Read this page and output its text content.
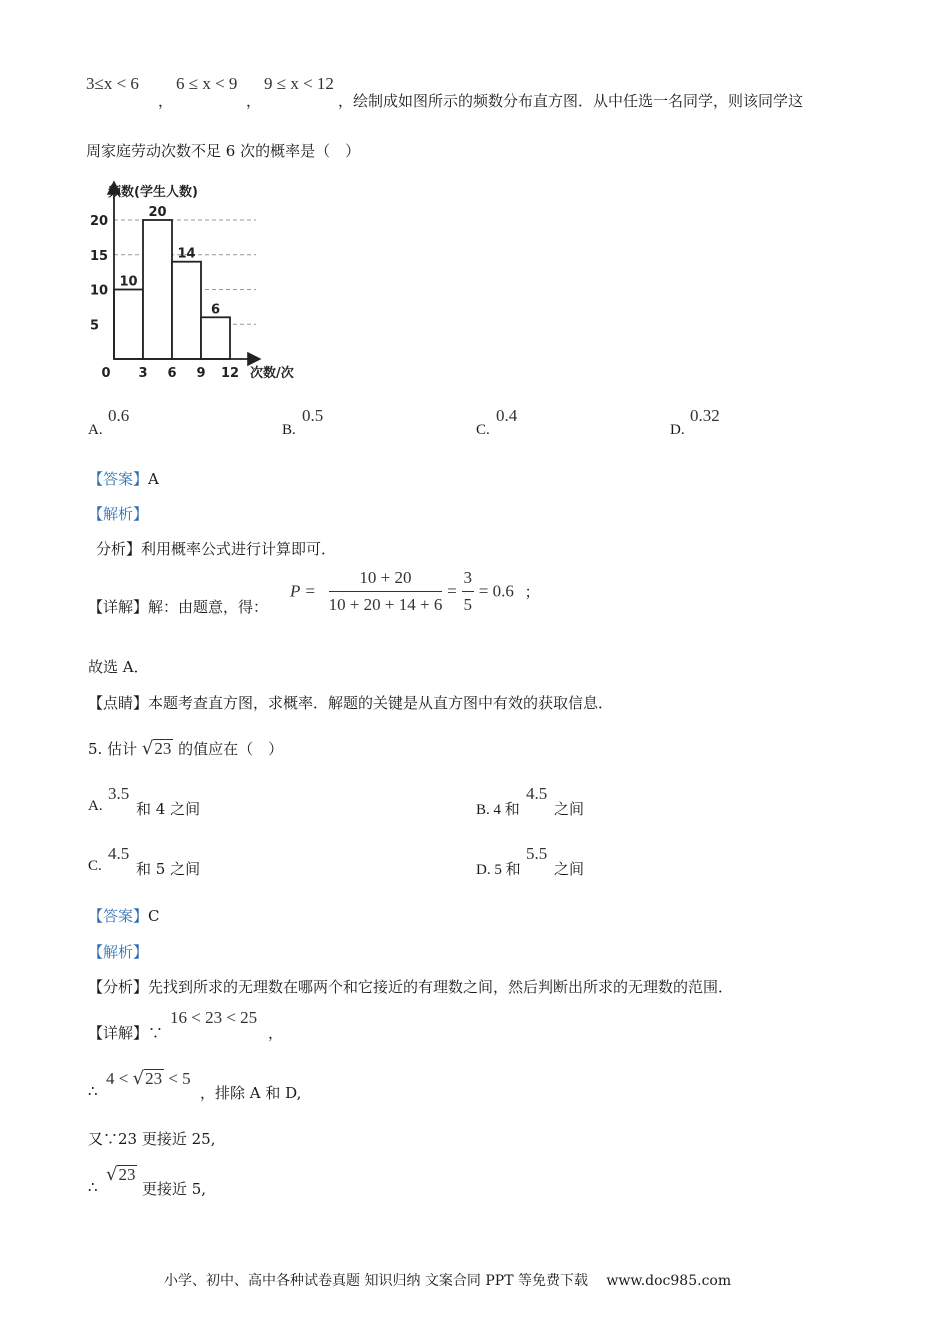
3≤x < 6
，
6 ≤ x < 9
，
9 ≤ x < 12
，绘制成如图所示的频数分布直方图．从中任选一名同学，则该同学这
周家庭劳动次数不足 6 次的概率是（　）
10
20
14
6
频数(学生人数)
次数/次
5
10
15
20
0 3 6 9 12
A.
0.6
B.
0.5
C.
0.4
D.
0.32
【答案】A
【解析】
分析】利用概率公式进行计算即可．
【详解】解：由题意，得：
$P = \frac{10 + 20}{10 + 20 + 14 + 6} = \frac{3}{5} = 0.6$ ；
故选 A．
【点睛】本题考查直方图，求概率．解题的关键是从直方图中有效的获取信息．
5. 估计 √23 的值应在（　）
A.
3.5
和 4 之间	B. 4 和
4.5
之间
C.
4.5
和 5 之间	D. 5 和
5.5
之间
【答案】C
【解析】
【分析】先找到所求的无理数在哪两个和它接近的有理数之间，然后判断出所求的无理数的范围．
【详解】∵
16 < 23 < 25
，
∴
4 < √23 < 5
，排除 A 和 D,
又∵23 更接近 25,
∴
√23
更接近 5,
小学、初中、高中各种试卷真题 知识归纳 文案合同 PPT 等免费下载　 www.doc985.com
